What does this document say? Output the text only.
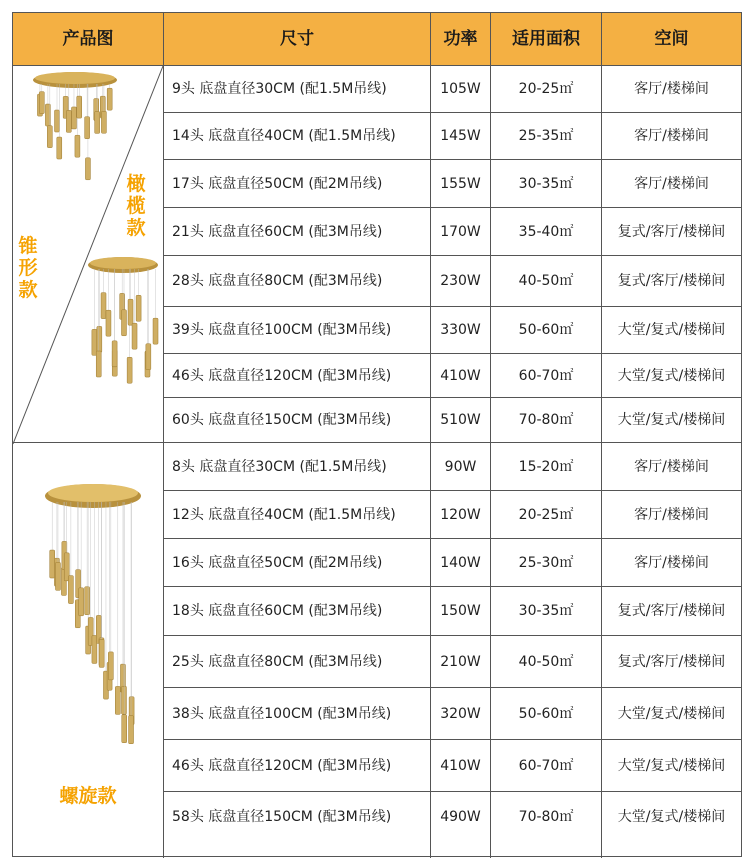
产品图	尺寸	功率	适用面积	空间
9头 底盘直径30CM (配1.5M吊线)	105W	20-25㎡	客厅/楼梯间
14头 底盘直径40CM (配1.5M吊线)	145W	25-35㎡	客厅/楼梯间
17头 底盘直径50CM (配2M吊线)	155W	30-35㎡	客厅/楼梯间
21头 底盘直径60CM (配3M吊线)	170W	35-40㎡	复式/客厅/楼梯间
28头 底盘直径80CM (配3M吊线)	230W	40-50㎡	复式/客厅/楼梯间
39头 底盘直径100CM (配3M吊线)	330W	50-60㎡	大堂/复式/楼梯间
46头 底盘直径120CM (配3M吊线)	410W	60-70㎡	大堂/复式/楼梯间
60头 底盘直径150CM (配3M吊线)	510W	70-80㎡	大堂/复式/楼梯间
8头 底盘直径30CM (配1.5M吊线)	90W	15-20㎡	客厅/楼梯间
12头 底盘直径40CM (配1.5M吊线)	120W	20-25㎡	客厅/楼梯间
16头 底盘直径50CM (配2M吊线)	140W	25-30㎡	客厅/楼梯间
18头 底盘直径60CM (配3M吊线)	150W	30-35㎡	复式/客厅/楼梯间
25头 底盘直径80CM (配3M吊线)	210W	40-50㎡	复式/客厅/楼梯间
38头 底盘直径100CM (配3M吊线)	320W	50-60㎡	大堂/复式/楼梯间
46头 底盘直径120CM (配3M吊线)	410W	60-70㎡	大堂/复式/楼梯间
58头 底盘直径150CM (配3M吊线)	490W	70-80㎡	大堂/复式/楼梯间
锥形款
橄榄款
螺旋款
